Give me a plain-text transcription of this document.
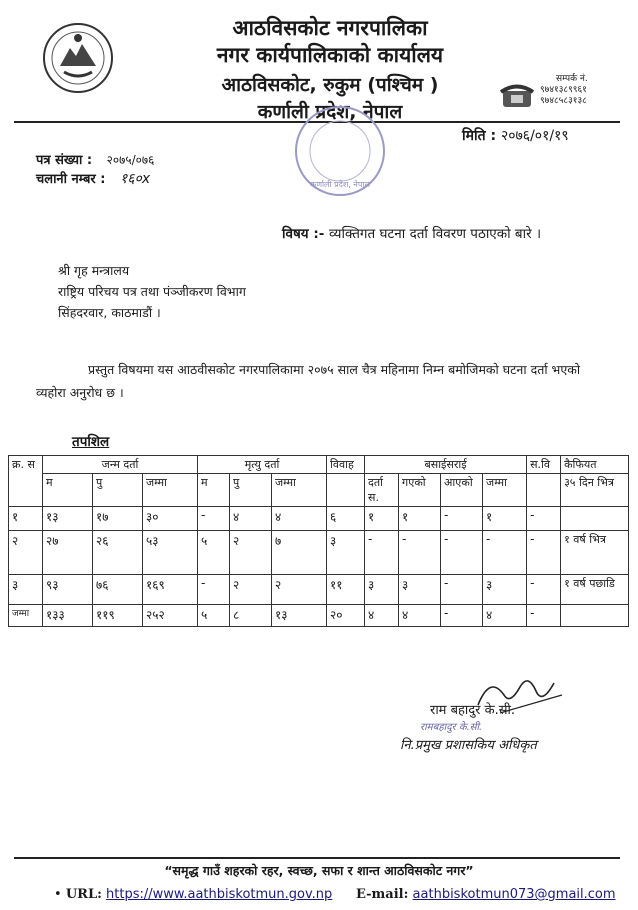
आठविसकोट नगरपालिका
नगर कार्यपालिकाको कार्यालय
आठविसकोट, रुकुम (पश्चिम )
कर्णाली प्रदेश, नेपाल
सम्पर्क नं.
९७४१३८९९६१
९७४८५८३१३८
कर्णाली प्रदेश, नेपाल
मिति : २०७६/०१/१९
पत्र संख्या : २०७५/०७६
चलानी नम्बर : १६०x
विषय :- व्यक्तिगत घटना दर्ता विवरण पठाएको बारे ।
श्री गृह मन्त्रालय
राष्ट्रिय परिचय पत्र तथा पंञ्जीकरण विभाग
सिंहदरवार, काठमाडौं ।
प्रस्तुत विषयमा यस आठवीसकोट नगरपालिकामा २०७५ साल चैत्र महिनामा निम्न बमोजिमको घटना दर्ता भएको व्यहोरा अनुरोध छ ।
तपशिल
क्र. स	जन्म दर्ता			मृत्यु दर्ता			विवाह	बसाईसराई				स.वि	कैफियत
	म	पु	जम्मा	म	पु	जम्मा		दर्ता स.	गएको	आएको	जम्मा		३५ दिन भित्र
१	१३	१७	३०	-	४	४	६	१	१	-	१	-	
२	२७	२६	५३	५	२	७	३	-	-	-	-	-	१ वर्ष भित्र
३	९३	७६	१६९	-	२	२	११	३	३	-	३	-	१ वर्ष पछाडि
जम्मा	१३३	११९	२५२	५	८	१३	२०	४	४	-	४	-	
राम बहादुर के.सी.
रामबहादुर के.सी.
नि.प्रमुख प्रशासकिय अधिकृत
“समृद्ध गाउँ शहरको रहर, स्वच्छ, सफा र शान्त आठविसकोट नगर”
• URL: https://www.aathbiskotmun.gov.np E-mail: aathbiskotmun073@gmail.com
